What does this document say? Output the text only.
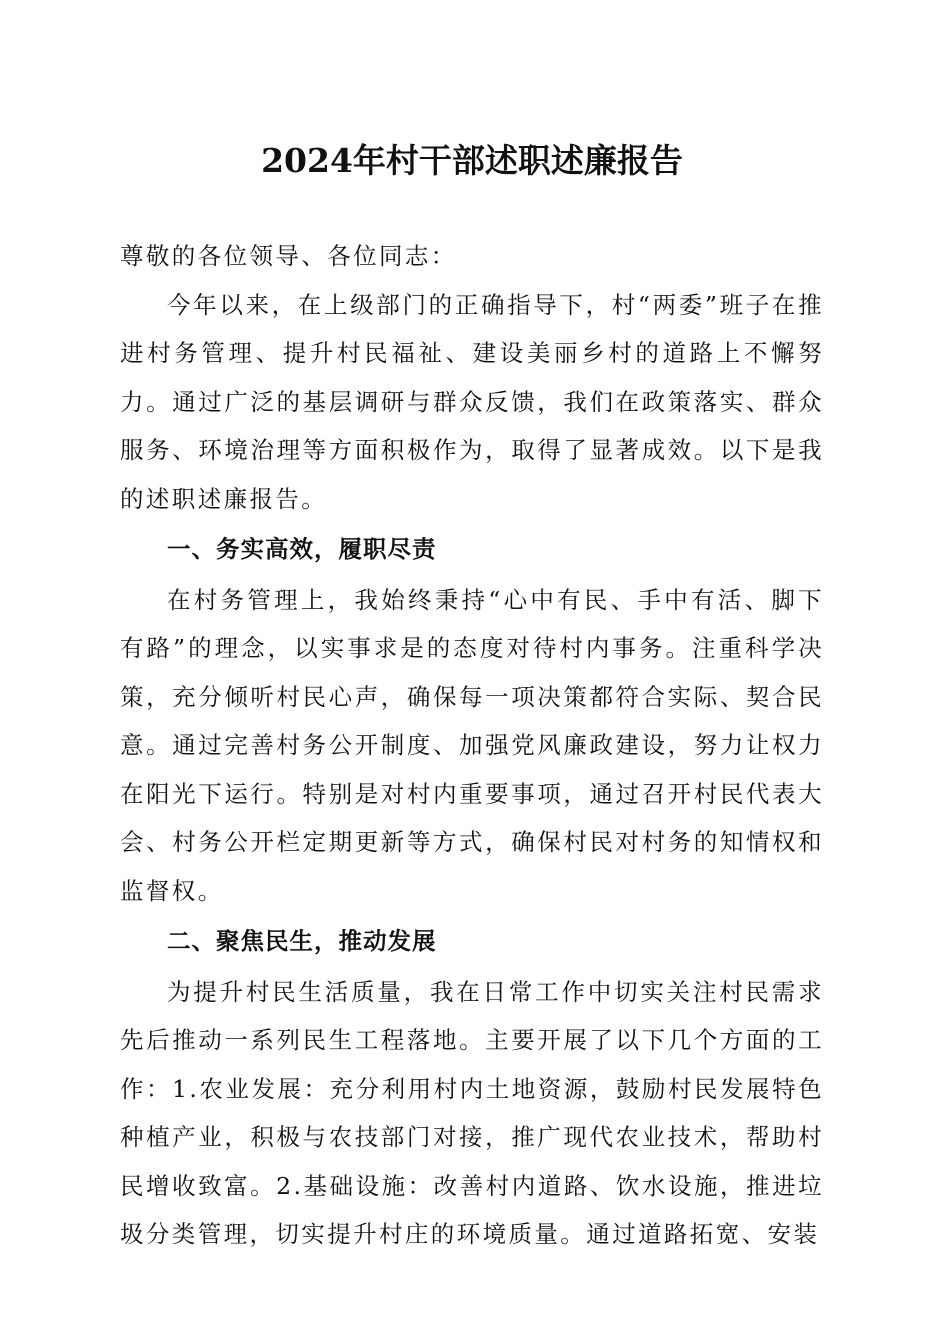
2024年村干部述职述廉报告

尊敬的各位领导、各位同志：

今年以来，在上级部门的正确指导下，村“两委”班子在推进村务管理、提升村民福祉、建设美丽乡村的道路上不懈努力。通过广泛的基层调研与群众反馈，我们在政策落实、群众服务、环境治理等方面积极作为，取得了显著成效。以下是我的述职述廉报告。

一、务实高效，履职尽责

在村务管理上，我始终秉持“心中有民、手中有活、脚下有路”的理念，以实事求是的态度对待村内事务。注重科学决策，充分倾听村民心声，确保每一项决策都符合实际、契合民意。通过完善村务公开制度、加强党风廉政建设，努力让权力在阳光下运行。特别是对村内重要事项，通过召开村民代表大会、村务公开栏定期更新等方式，确保村民对村务的知情权和监督权。

二、聚焦民生，推动发展

为提升村民生活质量，我在日常工作中切实关注村民需求先后推动一系列民生工程落地。主要开展了以下几个方面的工作：1.农业发展：充分利用村内土地资源，鼓励村民发展特色种植产业，积极与农技部门对接，推广现代农业技术，帮助村民增收致富。2.基础设施：改善村内道路、饮水设施，推进垃圾分类管理，切实提升村庄的环境质量。通过道路拓宽、安装
